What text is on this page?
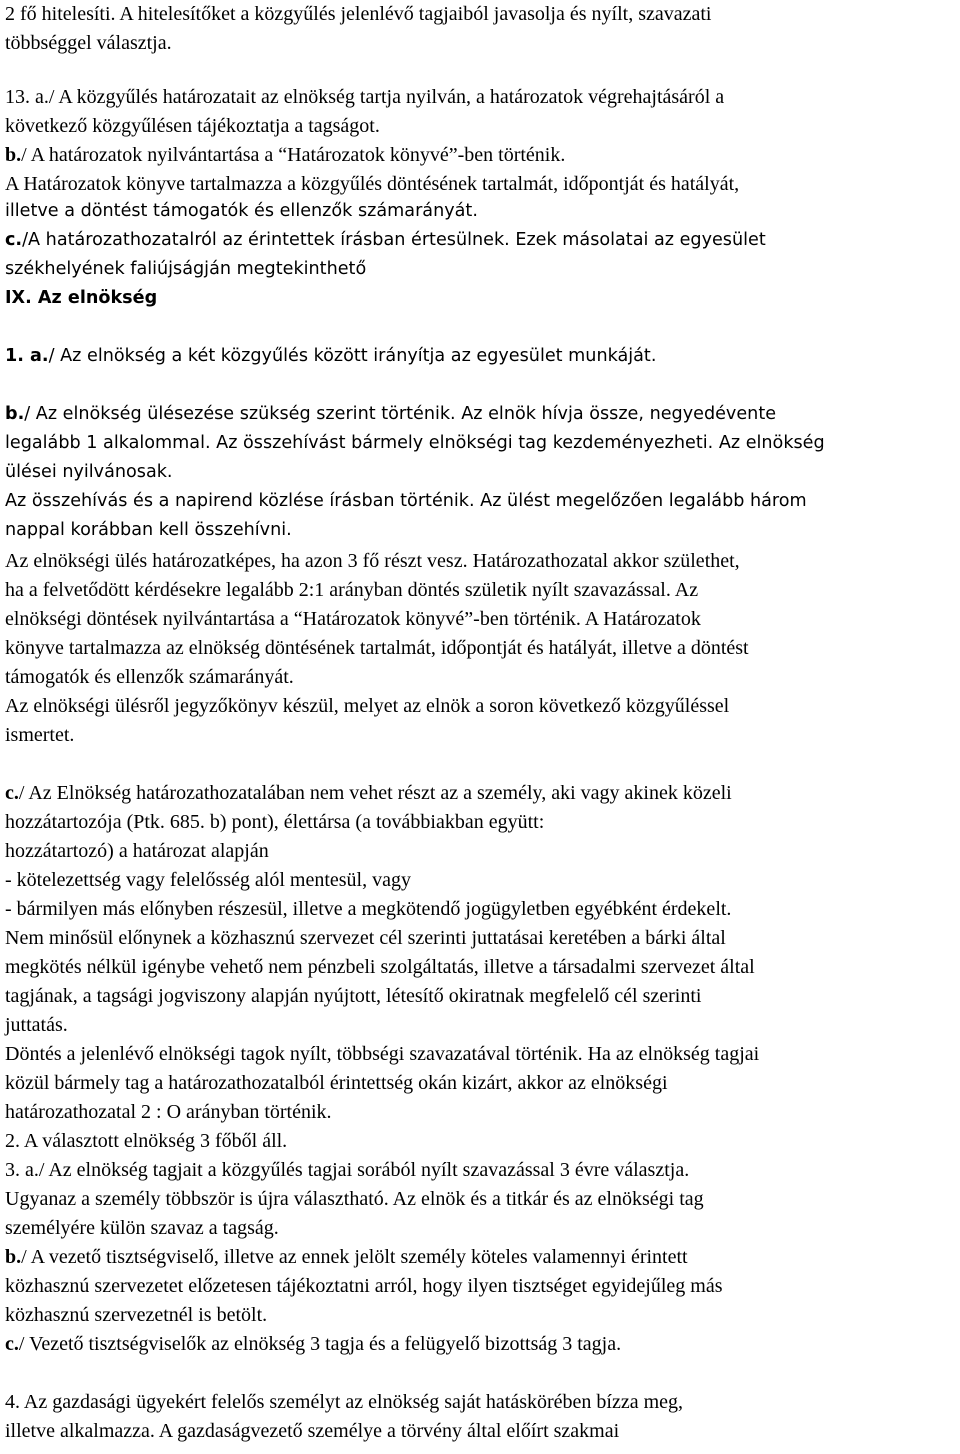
2 fő hitelesíti. A hitelesítőket a közgyűlés jelenlévő tagjaiból javasolja és nyílt, szavazati
többséggel választja.
13. a./ A közgyűlés határozatait az elnökség tartja nyilván, a határozatok végrehajtásáról a
következő közgyűlésen tájékoztatja a tagságot.
b./ A határozatok nyilvántartása a “Határozatok könyvé”-ben történik.
A Határozatok könyve tartalmazza a közgyűlés döntésének tartalmát, időpontját és hatályát,
illetve a döntést támogatók és ellenzők számarányát.
c./A határozathozatalról az érintettek írásban értesülnek. Ezek másolatai az egyesület
székhelyének faliújságján megtekinthető
IX. Az elnökség
1. a./ Az elnökség a két közgyűlés között irányítja az egyesület munkáját.
b./ Az elnökség ülésezése szükség szerint történik. Az elnök hívja össze, negyedévente
legalább 1 alkalommal. Az összehívást bármely elnökségi tag kezdeményezheti. Az elnökség
ülései nyilvánosak.
Az összehívás és a napirend közlése írásban történik. Az ülést megelőzően legalább három
nappal korábban kell összehívni.
Az elnökségi ülés határozatképes, ha azon 3 fő részt vesz. Határozathozatal akkor születhet,
ha a felvetődött kérdésekre legalább 2:1 arányban döntés születik nyílt szavazással. Az
elnökségi döntések nyilvántartása a “Határozatok könyvé”-ben történik. A Határozatok
könyve tartalmazza az elnökség döntésének tartalmát, időpontját és hatályát, illetve a döntést
támogatók és ellenzők számarányát.
Az elnökségi ülésről jegyzőkönyv készül, melyet az elnök a soron következő közgyűléssel
ismertet.
c./ Az Elnökség határozathozatalában nem vehet részt az a személy, aki vagy akinek közeli
hozzátartozója (Ptk. 685. b) pont), élettársa (a továbbiakban együtt:
hozzátartozó) a határozat alapján
- kötelezettség vagy felelősség alól mentesül, vagy
- bármilyen más előnyben részesül, illetve a megkötendő jogügyletben egyébként érdekelt.
Nem minősül előnynek a közhasznú szervezet cél szerinti juttatásai keretében a bárki által
megkötés nélkül igénybe vehető nem pénzbeli szolgáltatás, illetve a társadalmi szervezet által
tagjának, a tagsági jogviszony alapján nyújtott, létesítő okiratnak megfelelő cél szerinti
juttatás.
Döntés a jelenlévő elnökségi tagok nyílt, többségi szavazatával történik. Ha az elnökség tagjai
közül bármely tag a határozathozatalból érintettség okán kizárt, akkor az elnökségi
határozathozatal 2 : O arányban történik.
2. A választott elnökség 3 főből áll.
3. a./ Az elnökség tagjait a közgyűlés tagjai sorából nyílt szavazással 3 évre választja.
Ugyanaz a személy többször is újra választható. Az elnök és a titkár és az elnökségi tag
személyére külön szavaz a tagság.
b./ A vezető tisztségviselő, illetve az ennek jelölt személy köteles valamennyi érintett
közhasznú szervezetet előzetesen tájékoztatni arról, hogy ilyen tisztséget egyidejűleg más
közhasznú szervezetnél is betölt.
c./ Vezető tisztségviselők az elnökség 3 tagja és a felügyelő bizottság 3 tagja.
4. Az gazdasági ügyekért felelős személyt az elnökség saját hatáskörében bízza meg,
illetve alkalmazza. A gazdaságvezető személye a törvény által előírt szakmai
